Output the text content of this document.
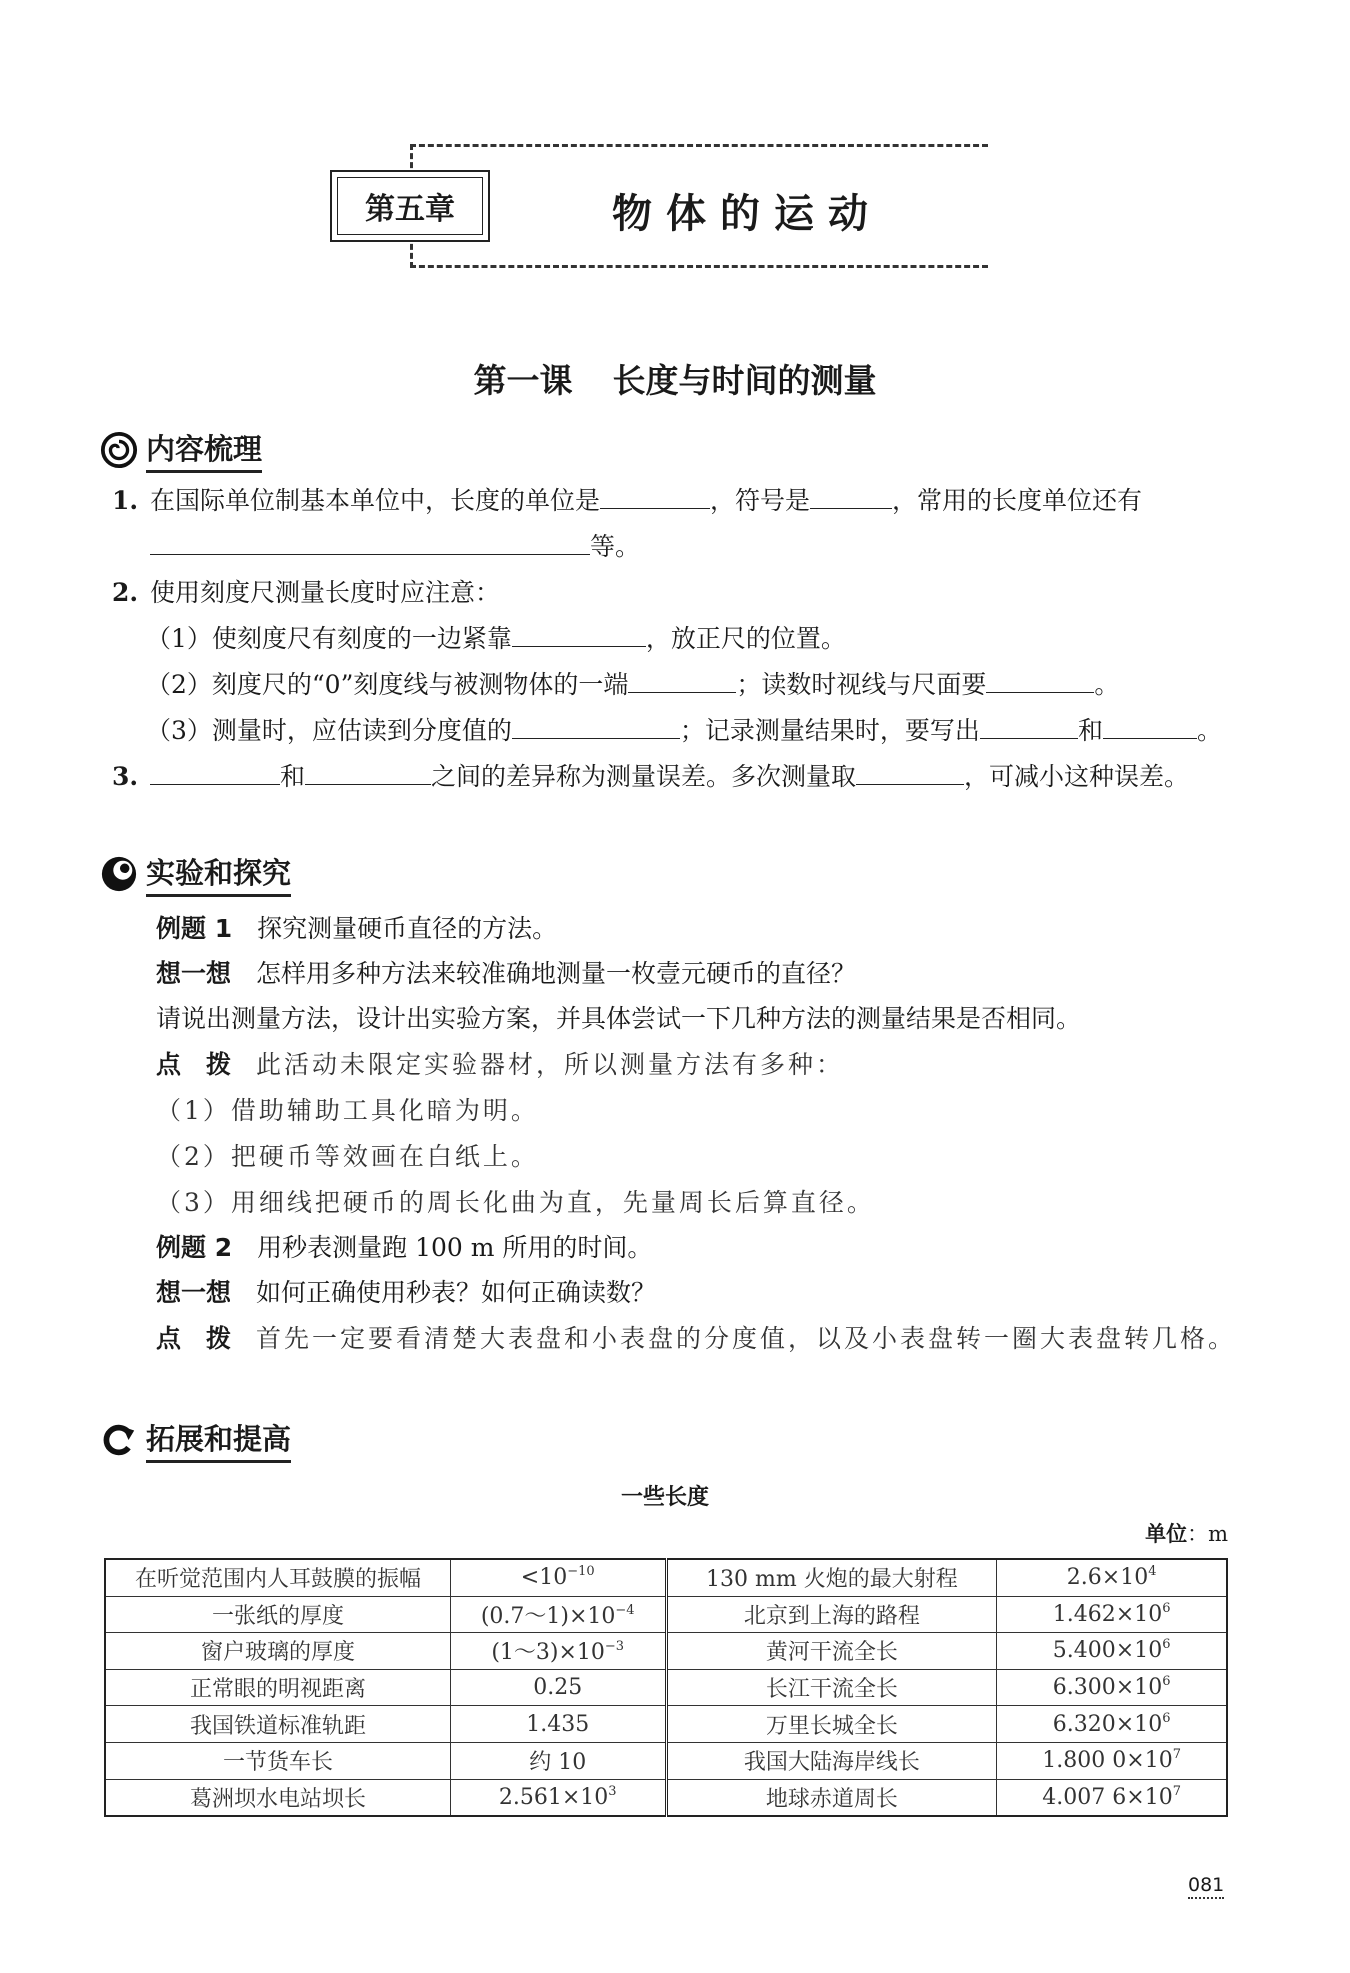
第五章	物体的运动
第一课 长度与时间的测量
内容梳理
1. 在国际单位制基本单位中，长度的单位是	，符号是	，常用的长度单位还有
等。
2. 使用刻度尺测量长度时应注意：
（1）使刻度尺有刻度的一边紧靠	，放正尺的位置。
（2）刻度尺的“0”刻度线与被测物体的一端	；读数时视线与尺面要	。
（3）测量时，应估读到分度值的	；记录测量结果时，要写出	和	。
3.	和	之间的差异称为测量误差。多次测量取	，可减小这种误差。
实验和探究
例题 1　 探究测量硬币直径的方法。
想一想　 怎样用多种方法来较准确地测量一枚壹元硬币的直径？
请说出测量方法，设计出实验方案，并具体尝试一下几种方法的测量结果是否相同。
点　拨　 此活动未限定实验器材，所以测量方法有多种：
（1）借助辅助工具化暗为明。
（2）把硬币等效画在白纸上。
（3）用细线把硬币的周长化曲为直，先量周长后算直径。
例题 2　 用秒表测量跑 100 m 所用的时间。
想一想　 如何正确使用秒表？如何正确读数？
点　拨　 首先一定要看清楚大表盘和小表盘的分度值，以及小表盘转一圈大表盘转几格。
拓展和提高
一些长度
单位：m
在听觉范围内人耳鼓膜的振幅	$<10^{-10}$	130 mm 火炮的最大射程	$2.6\times 10^4$
一张纸的厚度	$(0.7\sim 1)\times 10^{-4}$	北京到上海的路程	$1.462\times 10^6$
窗户玻璃的厚度	$(1\sim 3)\times 10^{-3}$	黄河干流全长	$5.400\times 10^6$
正常眼的明视距离	0.25	长江干流全长	$6.300\times 10^6$
我国铁道标准轨距	1.435	万里长城全长	$6.320\times 10^6$
一节货车长	约 10	我国大陆海岸线长	1.800 $0\times 10^7$
葛洲坝水电站坝长	$2.561\times 10^3$	地球赤道周长	4.007 $6\times 10^7$
081
